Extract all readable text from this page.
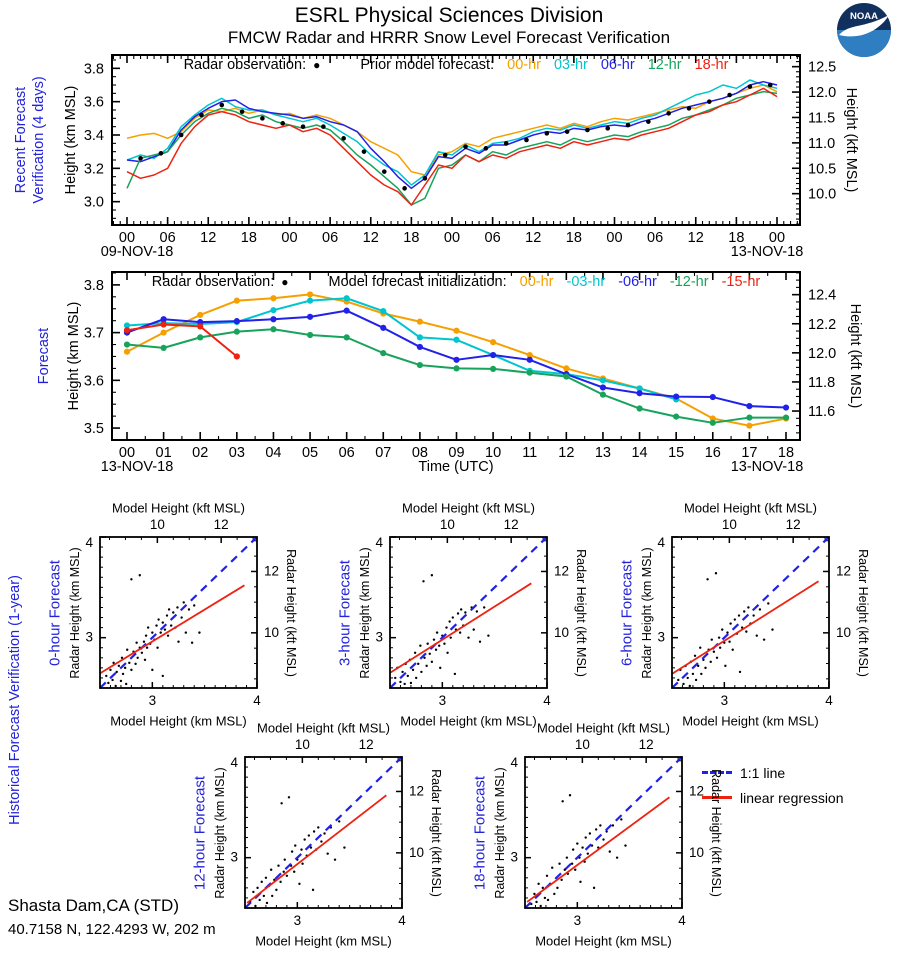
00 06 12 18 00 06 12 18 00 06 12 18 00 06 12 18 00
3.0
3.2
3.4
3.6
3.8
10.0
10.5
11.0
11.5
12.0
12.5
00 01 02 03 04 05 06 07 08 09 10 11 12 13 14 15 16 17 18
3.5
3.6
3.7
3.8
11.6
11.8
12.0
12.2
12.4
3	4
3
4
10	12
10
12
3	4
3
4
10	12
10
12
3	4
3
4
10	12
10
12
3	4
3
4
10	12
10
12
3	4
3
4
10	12
10
12
ESRL Physical Sciences Division
FMCW Radar and HRRR Snow Level Forecast Verification
NOAA
Radar observation: ●	Prior model forecast: 00-hr 03-hr 06-hr 12-hr 18-hr
Recent Forecast Verification (4 days) Height (km MSL)	Height (kft MSL)
09-NOV-18	13-NOV-18
Radar observation: ●	Model forecast initialization: 00-hr -03-hr -06-hr -12-hr -15-hr
Forecast Height (km MSL)	Height (kft MSL)
13-NOV-18	Time (UTC)	13-NOV-18
Historical Forecast Verification (1-year)	1:1 line
linear regression
Shasta Dam,CA (STD)
40.7158 N, 122.4293 W, 202 m
0-hour Forecast Radar Height (km MSL)
Model Height (kft MSL)
Model Height (km MSL)
Radar Height (kft MSL)	3-hour Forecast Radar Height (km MSL)
Model Height (kft MSL)
Model Height (km MSL)
Radar Height (kft MSL) 6-hour Forecast Radar Height (km MSL)
Model Height (kft MSL)
Model Height (km MSL)
Radar Height (kft MSL)
12-hour Forecast Radar Height (km MSL)
Model Height (kft MSL)
Model Height (km MSL)
Radar Height (kft MSL) 18-hour Forecast Radar Height (km MSL)
Model Height (kft MSL)
Model Height (km MSL)
Radar Height (kft MSL)
